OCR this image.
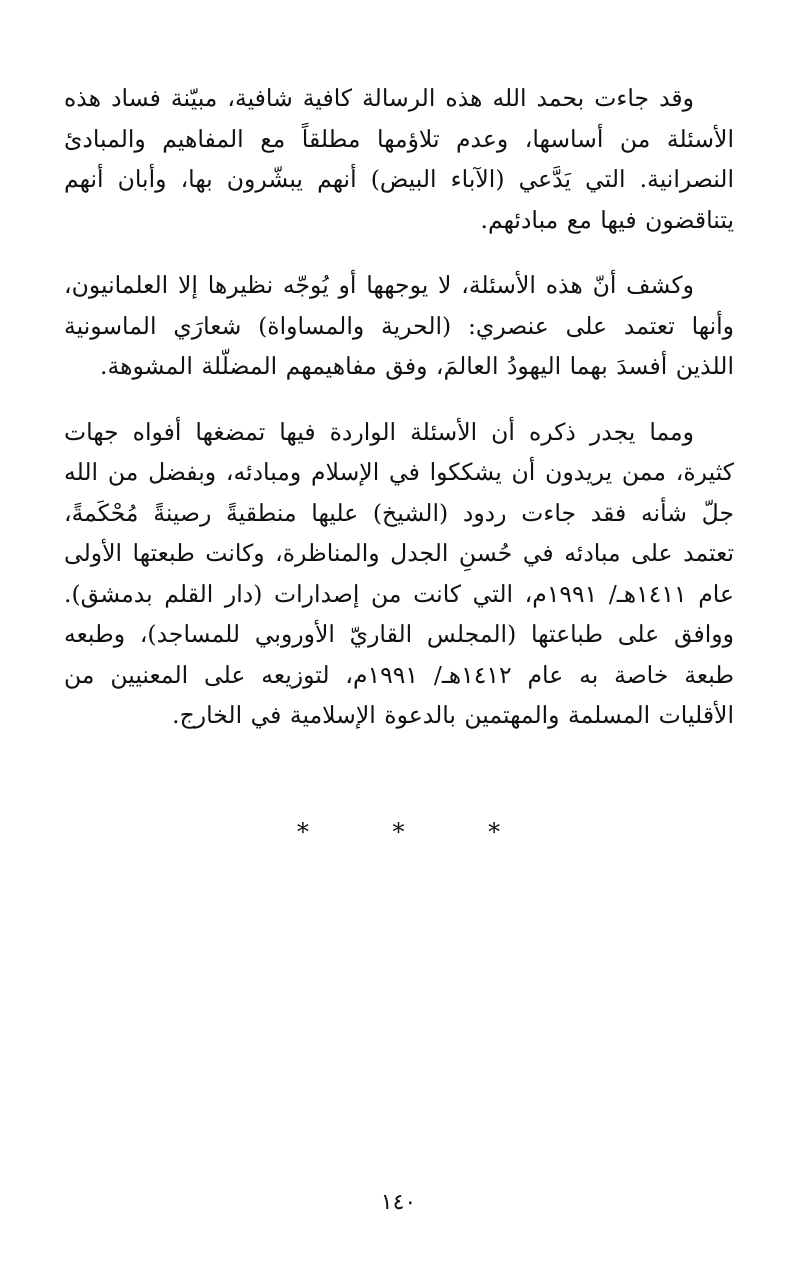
وقد جاءت بحمد الله هذه الرسالة كافية شافية، مبيّنة فساد هذه الأسئلة من أساسها، وعدم تلاؤمها مطلقاً مع المفاهيم والمبادئ النصرانية. التي يَدَّعي (الآباء البيض) أنهم يبشّرون بها، وأبان أنهم يتناقضون فيها مع مبادئهم.

وكشف أنّ هذه الأسئلة، لا يوجهها أو يُوجّه نظيرها إلا العلمانيون، وأنها تعتمد على عنصري: (الحرية والمساواة) شعارَي الماسونية اللذين أفسدَ بهما اليهودُ العالمَ، وفق مفاهيمهم المضلّلة المشوهة.

ومما يجدر ذكره أن الأسئلة الواردة فيها تمضغها أفواه جهات كثيرة، ممن يريدون أن يشككوا في الإسلام ومبادئه، وبفضل من الله جلّ شأنه فقد جاءت ردود (الشيخ) عليها منطقيةً رصينةً مُحْكَمةً، تعتمد على مبادئه في حُسنِ الجدل والمناظرة، وكانت طبعتها الأولى عام ١٤١١هـ/ ١٩٩١م، التي كانت من إصدارات (دار القلم بدمشق). ووافق على طباعتها (المجلس القاريّ الأوروبي للمساجد)، وطبعه طبعة خاصة به عام ١٤١٢هـ/ ١٩٩١م، لتوزيعه على المعنيين من الأقليات المسلمة والمهتمين بالدعوة الإسلامية في الخارج.

* * *
١٤٠
